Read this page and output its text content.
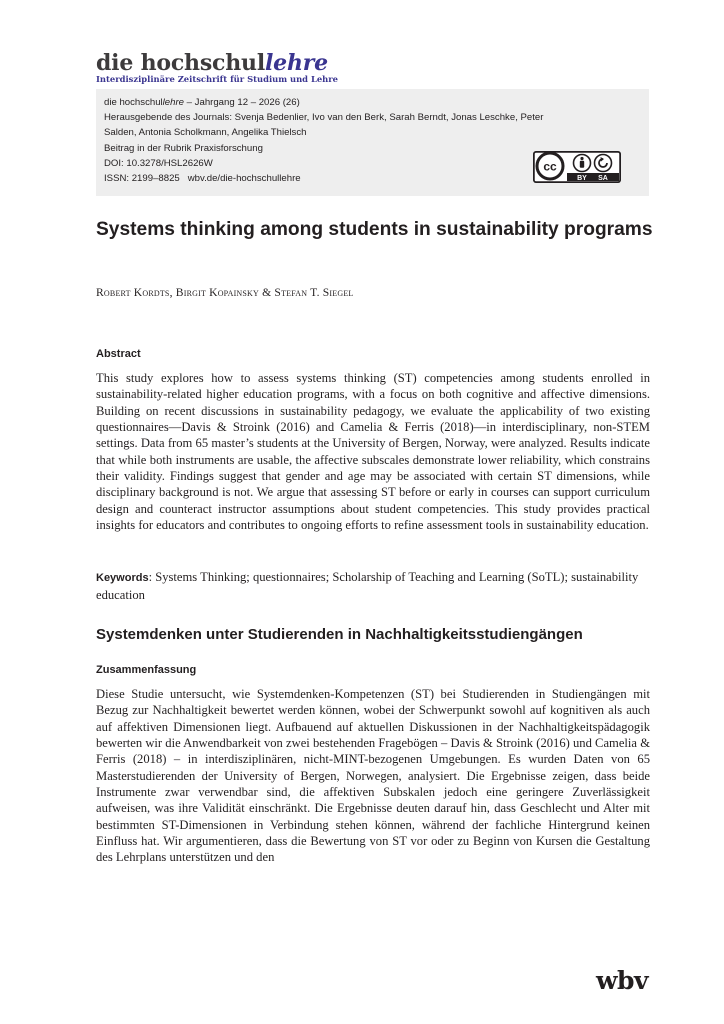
die hochschullehre
Interdisziplinäre Zeitschrift für Studium und Lehre
die hochschullehre – Jahrgang 12 – 2026 (26)
Herausgebende des Journals: Svenja Bedenlier, Ivo van den Berk, Sarah Berndt, Jonas Leschke, Peter Salden, Antonia Scholkmann, Angelika Thielsch
Beitrag in der Rubrik Praxisforschung
DOI: 10.3278/HSL2626W
ISSN: 2199–8825   wbv.de/die-hochschullehre
cc
BY SA
Systems thinking among students in sustainability programs
Robert Kordts, Birgit Kopainsky & Stefan T. Siegel
Abstract

This study explores how to assess systems thinking (ST) competencies among students enrolled in sustainability-related higher education programs, with a focus on both cognitive and affective dimensions. Building on recent discussions in sustainability pedagogy, we evaluate the applicability of two existing questionnaires—Davis & Stroink (2016) and Camelia & Ferris (2018)—in interdisciplinary, non-STEM settings. Data from 65 master’s students at the University of Bergen, Norway, were analyzed. Results indicate that while both instruments are usable, the affective subscales demonstrate lower reliability, which constrains their validity. Findings suggest that gender and age may be associated with certain ST dimensions, while disciplinary background is not. We argue that assessing ST before or early in courses can support curriculum design and counteract instructor assumptions about student competencies. This study provides practical insights for educators and contributes to ongoing efforts to refine assessment tools in sustainability education.

Keywords: Systems Thinking; questionnaires; Scholarship of Teaching and Learning (SoTL); sustainability education
Systemdenken unter Studierenden in Nachhaltigkeitsstudiengängen
Zusammenfassung

Diese Studie untersucht, wie Systemdenken-Kompetenzen (ST) bei Studierenden in Studiengängen mit Bezug zur Nachhaltigkeit bewertet werden können, wobei der Schwerpunkt sowohl auf kognitiven als auch auf affektiven Dimensionen liegt. Aufbauend auf aktuellen Diskussionen in der Nachhaltigkeitspädagogik bewerten wir die Anwendbarkeit von zwei bestehenden Fragebögen – Davis & Stroink (2016) und Camelia & Ferris (2018) – in interdisziplinären, nicht-MINT-bezogenen Umgebungen. Es wurden Daten von 65 Masterstudierenden der University of Bergen, Norwegen, analysiert. Die Ergebnisse zeigen, dass beide Instrumente zwar verwendbar sind, die affektiven Subskalen jedoch eine geringere Zuverlässigkeit aufweisen, was ihre Validität einschränkt. Die Ergebnisse deuten darauf hin, dass Geschlecht und Alter mit bestimmten ST-Dimensionen in Verbindung stehen können, während der fachliche Hintergrund keinen Einfluss hat. Wir argumentieren, dass die Bewertung von ST vor oder zu Beginn von Kursen die Gestaltung des Lehrplans unterstützen und den

wbv
